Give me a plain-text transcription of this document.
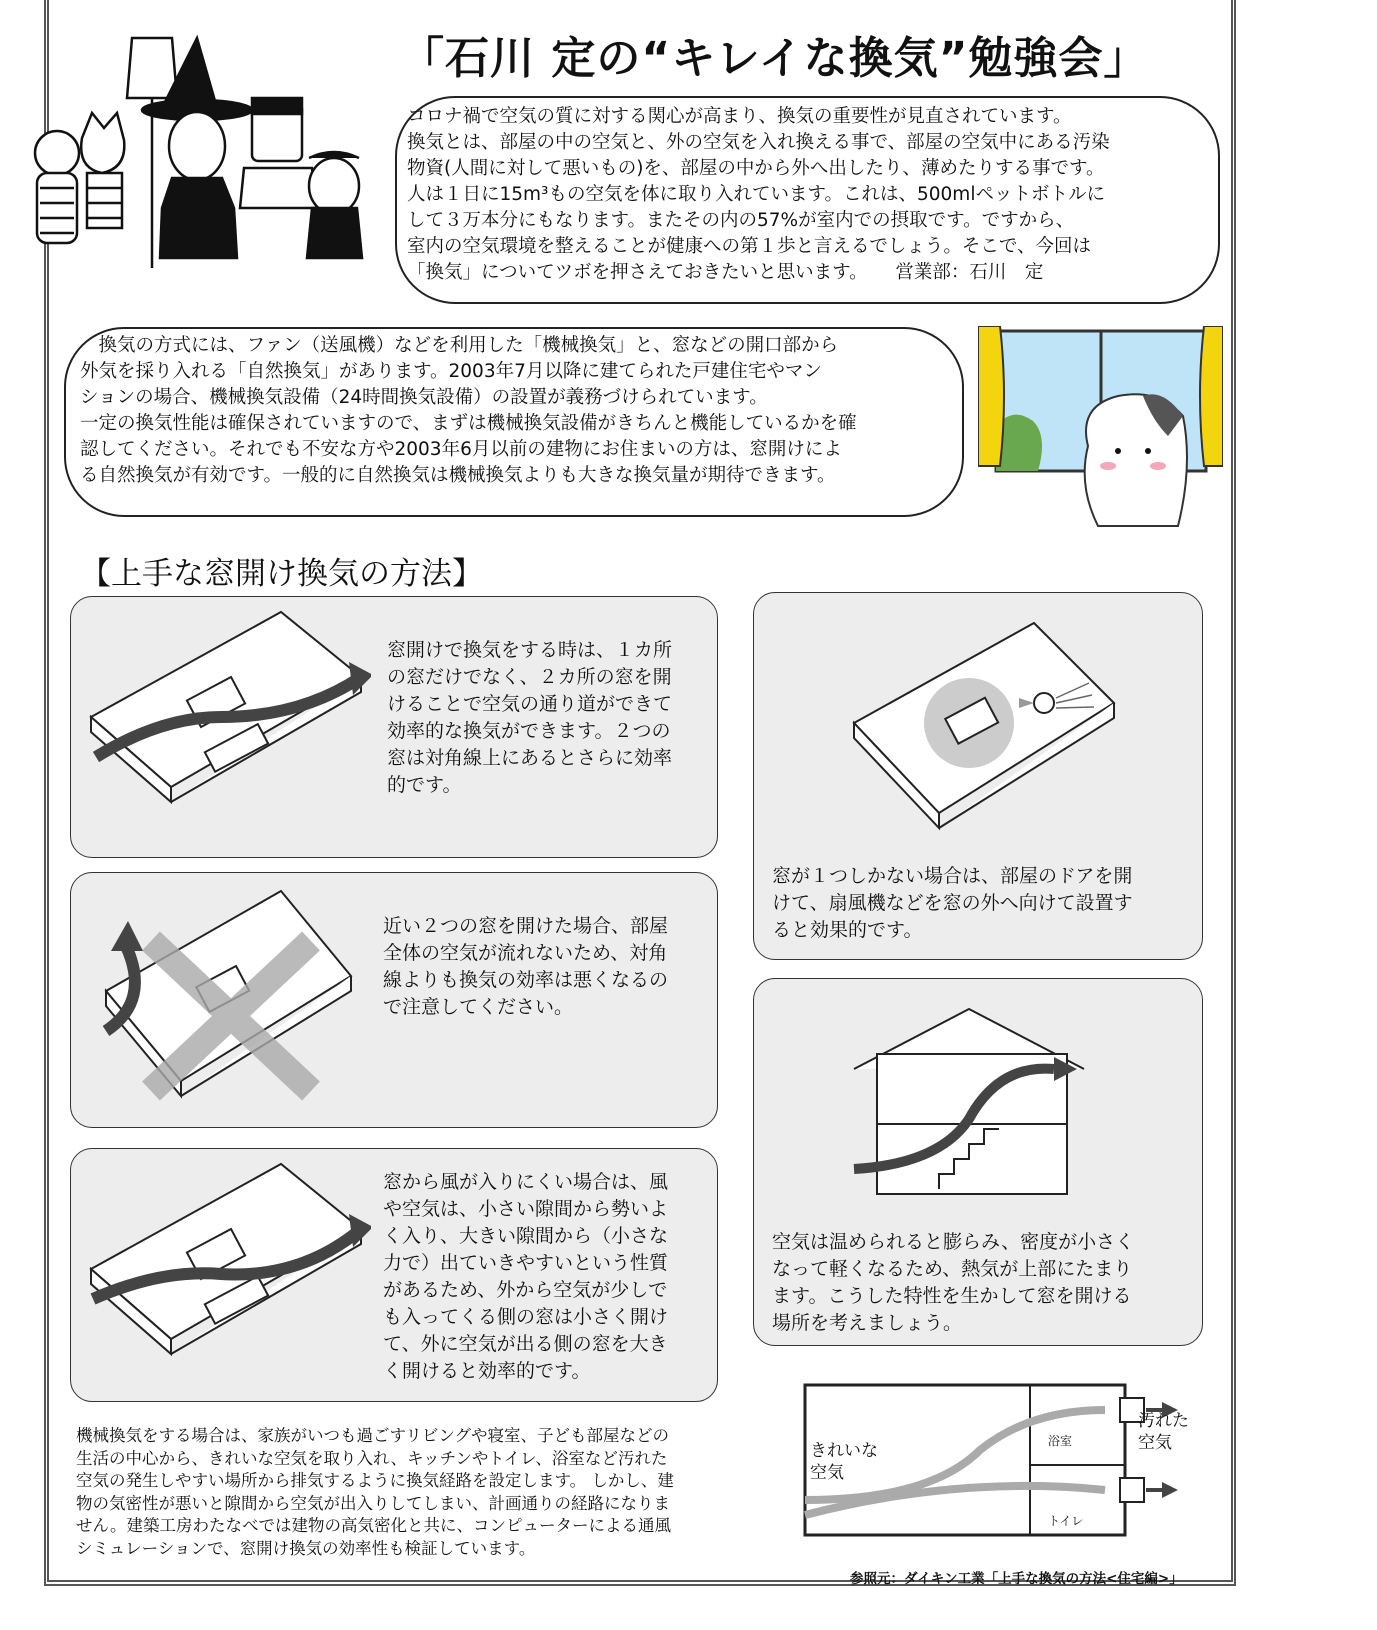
「石川 定の“キレイな換気”勉強会」

コロナ禍で空気の質に対する関心が高まり、換気の重要性が見直されています。

換気とは、部屋の中の空気と、外の空気を入れ換える事で、部屋の空気中にある汚染

物資(人間に対して悪いもの)を、部屋の中から外へ出したり、薄めたりする事です。

人は１日に15m³もの空気を体に取り入れています。これは、500mlペットボトルに

して３万本分にもなります。またその内の57%が室内での摂取です。ですから、

室内の空気環境を整えることが健康への第１歩と言えるでしょう。そこで、今回は

「換気」についてツボを押さえておきたいと思います。　　営業部：石川　定

　換気の方式には、ファン（送風機）などを利用した「機械換気」と、窓などの開口部から

外気を採り入れる「自然換気」があります。2003年7月以降に建てられた戸建住宅やマン

ションの場合、機械換気設備（24時間換気設備）の設置が義務づけられています。

一定の換気性能は確保されていますので、まずは機械換気設備がきちんと機能しているかを確

認してください。それでも不安な方や2003年6月以前の建物にお住まいの方は、窓開けによ

る自然換気が有効です。一般的に自然換気は機械換気よりも大きな換気量が期待できます。

【上手な窓開け換気の方法】
窓開けで換気をする時は、１カ所
の窓だけでなく、２カ所の窓を開
けることで空気の通り道ができて
効率的な換気ができます。２つの
窓は対角線上にあるとさらに効率
的です。
近い２つの窓を開けた場合、部屋
全体の空気が流れないため、対角
線よりも換気の効率は悪くなるの
で注意してください。
窓から風が入りにくい場合は、風
や空気は、小さい隙間から勢いよ
く入り、大きい隙間から（小さな
力で）出ていきやすいという性質
があるため、外から空気が少しで
も入ってくる側の窓は小さく開け
て、外に空気が出る側の窓を大き
く開けると効率的です。
窓が１つしかない場合は、部屋のドアを開
けて、扇風機などを窓の外へ向けて設置す
ると効果的です。
空気は温められると膨らみ、密度が小さく
なって軽くなるため、熱気が上部にたまり
ます。こうした特性を生かして窓を開ける
場所を考えましょう。
機械換気をする場合は、家族がいつも過ごすリビングや寝室、子ども部屋などの
生活の中心から、きれいな空気を取り入れ、キッチンやトイレ、浴室など汚れた
空気の発生しやすい場所から排気するように換気経路を設定します。 しかし、建
物の気密性が悪いと隙間から空気が出入りしてしまい、計画通りの経路になりま
せん。建築工房わたなべでは建物の高気密化と共に、コンピューターによる通風
シミュレーションで、窓開け換気の効率性も検証しています。
きれいな
空気
汚れた
空気
浴室
トイレ
参照元：ダイキン工業「上手な換気の方法<住宅編>」
